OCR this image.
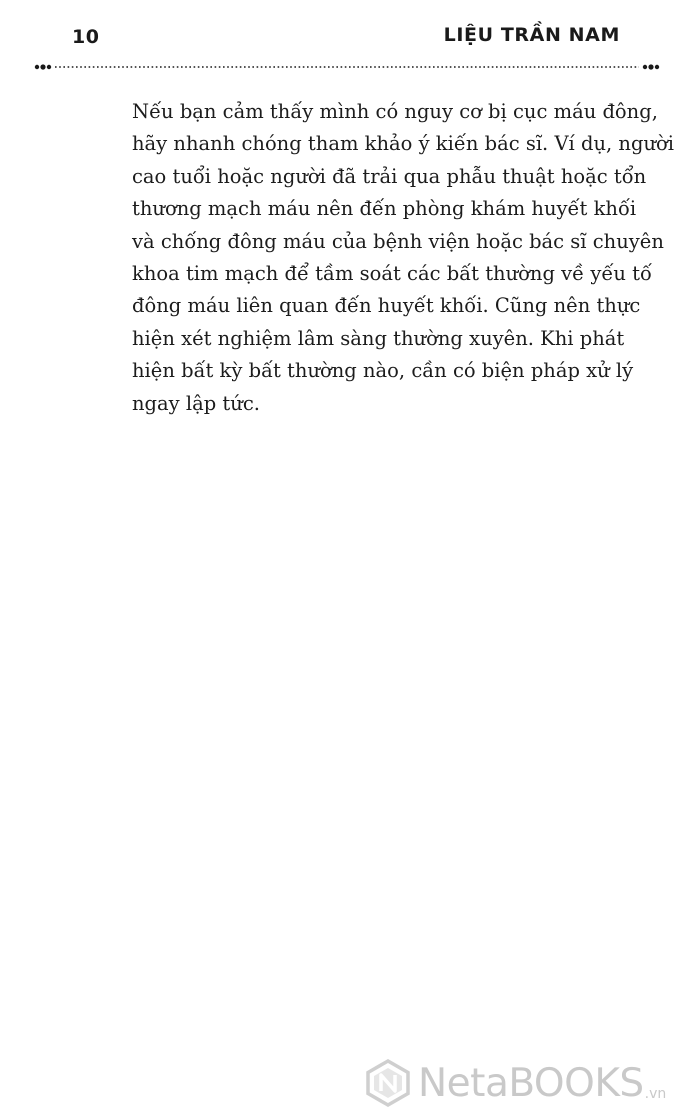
10	LIỆU TRẦN NAM
Nếu bạn cảm thấy mình có nguy cơ bị cục máu đông,
hãy nhanh chóng tham khảo ý kiến bác sĩ. Ví dụ, người
cao tuổi hoặc người đã trải qua phẫu thuật hoặc tổn
thương mạch máu nên đến phòng khám huyết khối
và chống đông máu của bệnh viện hoặc bác sĩ chuyên
khoa tim mạch để tầm soát các bất thường về yếu tố
đông máu liên quan đến huyết khối. Cũng nên thực
hiện xét nghiệm lâm sàng thường xuyên. Khi phát
hiện bất kỳ bất thường nào, cần có biện pháp xử lý
ngay lập tức.
NetaBOOKS .vn
